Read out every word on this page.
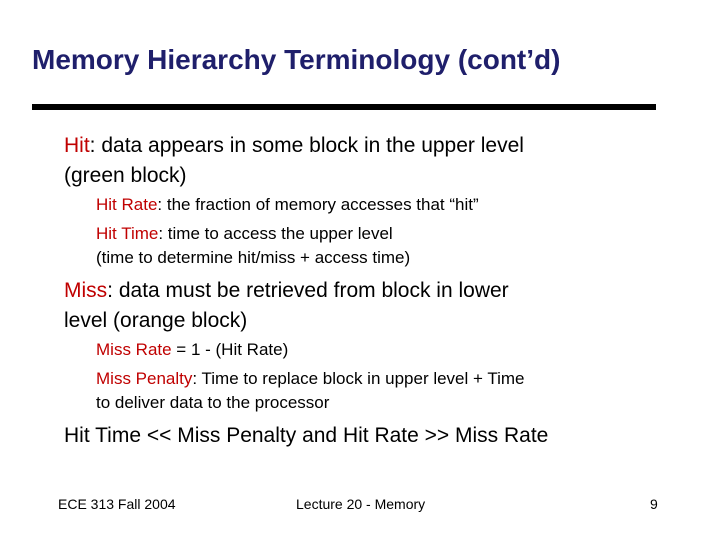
Memory Hierarchy Terminology (cont’d)
Hit: data appears in some block in the upper level
(green block)
Hit Rate: the fraction of memory accesses that “hit”
Hit Time: time to access the upper level
(time to determine hit/miss + access time)
Miss: data must be retrieved from block in lower
level (orange block)
Miss Rate = 1 - (Hit Rate)
Miss Penalty: Time to replace block in upper level + Time
to deliver data to the processor
Hit Time << Miss Penalty and Hit Rate >> Miss Rate
ECE 313 Fall 2004	Lecture 20 - Memory	9
